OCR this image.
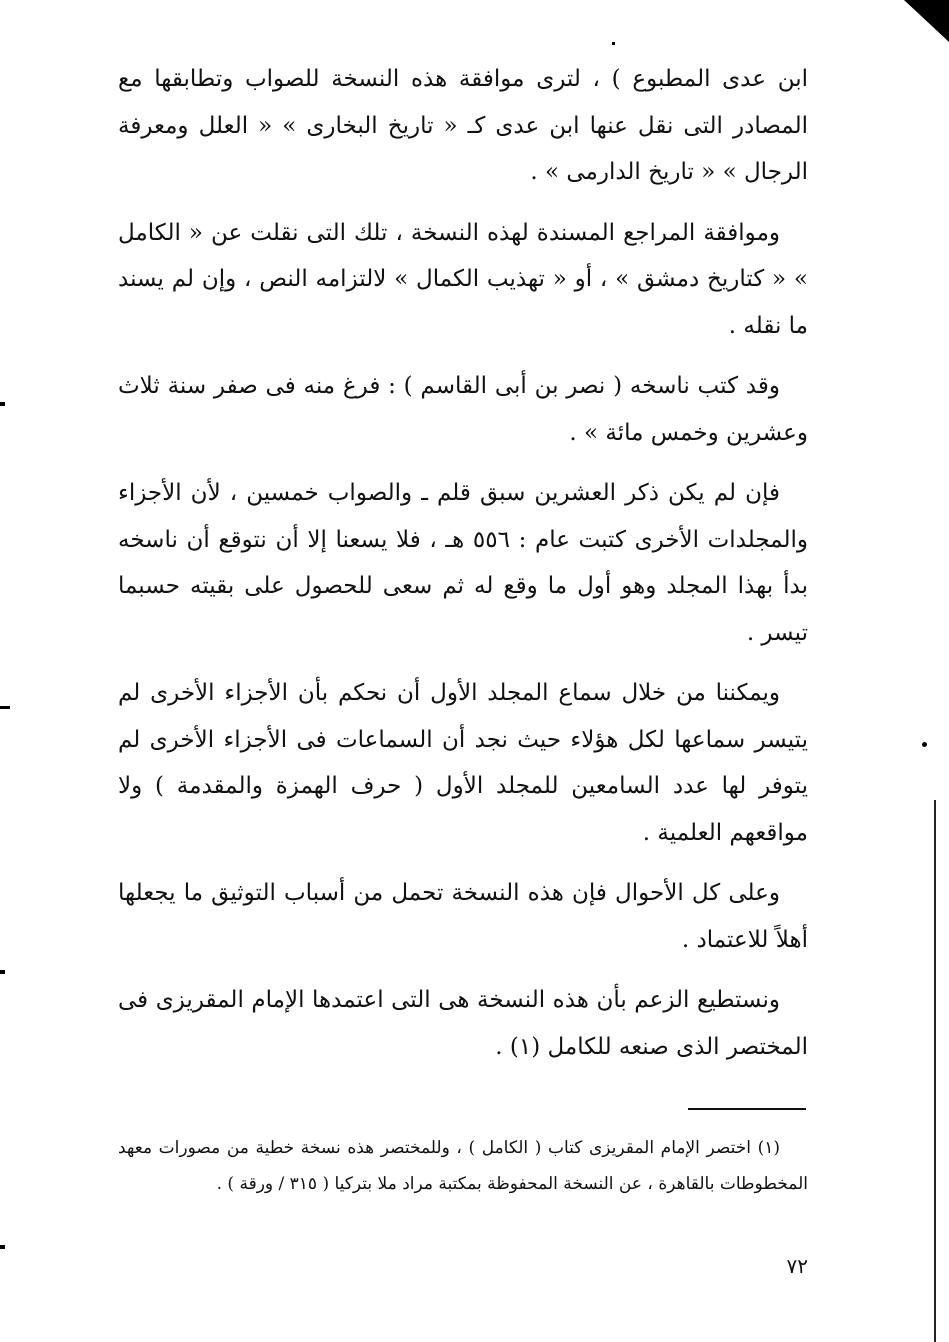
ابن عدى المطبوع ) ، لترى موافقة هذه النسخة للصواب وتطابقها مع المصادر التى نقل عنها ابن عدى كـ « تاريخ البخارى » « العلل ومعرفة الرجال » « تاريخ الدارمى » .

وموافقة المراجع المسندة لهذه النسخة ، تلك التى نقلت عن « الكامل » « كتاريخ دمشق » ، أو « تهذيب الكمال » لالتزامه النص ، وإن لم يسند ما نقله .

وقد كتب ناسخه ( نصر بن أبى القاسم ) : فرغ منه فى صفر سنة ثلاث وعشرين وخمس مائة » .

فإن لم يكن ذكر العشرين سبق قلم ـ والصواب خمسين ، لأن الأجزاء والمجلدات الأخرى كتبت عام : ٥٥٦ هـ ، فلا يسعنا إلا أن نتوقع أن ناسخه بدأ بهذا المجلد وهو أول ما وقع له ثم سعى للحصول على بقيته حسبما تيسر .

ويمكننا من خلال سماع المجلد الأول أن نحكم بأن الأجزاء الأخرى لم يتيسر سماعها لكل هؤلاء حيث نجد أن السماعات فى الأجزاء الأخرى لم يتوفر لها عدد السامعين للمجلد الأول ( حرف الهمزة والمقدمة ) ولا مواقعهم العلمية .

وعلى كل الأحوال فإن هذه النسخة تحمل من أسباب التوثيق ما يجعلها أهلاً للاعتماد .

ونستطيع الزعم بأن هذه النسخة هى التى اعتمدها الإمام المقريزى فى المختصر الذى صنعه للكامل (١) .

(١) اختصر الإمام المقريزى كتاب ( الكامل ) ، وللمختصر هذه نسخة خطية من مصورات معهد المخطوطات بالقاهرة ، عن النسخة المحفوظة بمكتبة مراد ملا بتركيا ( ٣١٥ / ورقة ) .

٧٢
